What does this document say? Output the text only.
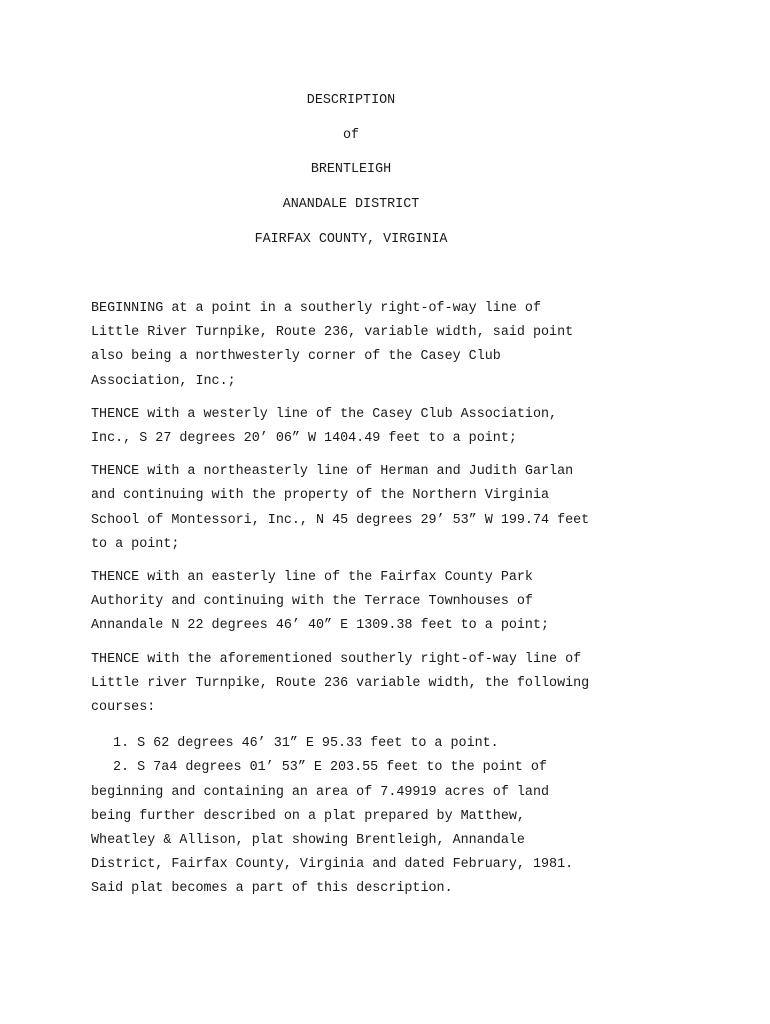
DESCRIPTION
of
BRENTLEIGH
ANANDALE DISTRICT
FAIRFAX COUNTY, VIRGINIA

BEGINNING at a point in a southerly right-of-way line of
Little River Turnpike, Route 236, variable width, said point
also being a northwesterly corner of the Casey Club
Association, Inc.;

THENCE with a westerly line of the Casey Club Association,
Inc., S 27 degrees 20’ 06” W 1404.49 feet to a point;

THENCE with a northeasterly line of Herman and Judith Garlan
and continuing with the property of the Northern Virginia
School of Montessori, Inc., N 45 degrees 29’ 53” W 199.74 feet
to a point;

THENCE with an easterly line of the Fairfax County Park
Authority and continuing with the Terrace Townhouses of
Annandale N 22 degrees 46’ 40” E 1309.38 feet to a point;

THENCE with the aforementioned southerly right-of-way line of
Little river Turnpike, Route 236 variable width, the following
courses:

1. S 62 degrees 46’ 31” E 95.33 feet to a point.
2. S 7a4 degrees 01’ 53” E 203.55 feet to the point of
beginning and containing an area of 7.49919 acres of land
being further described on a plat prepared by Matthew,
Wheatley & Allison, plat showing Brentleigh, Annandale
District, Fairfax County, Virginia and dated February, 1981.
Said plat becomes a part of this description.
